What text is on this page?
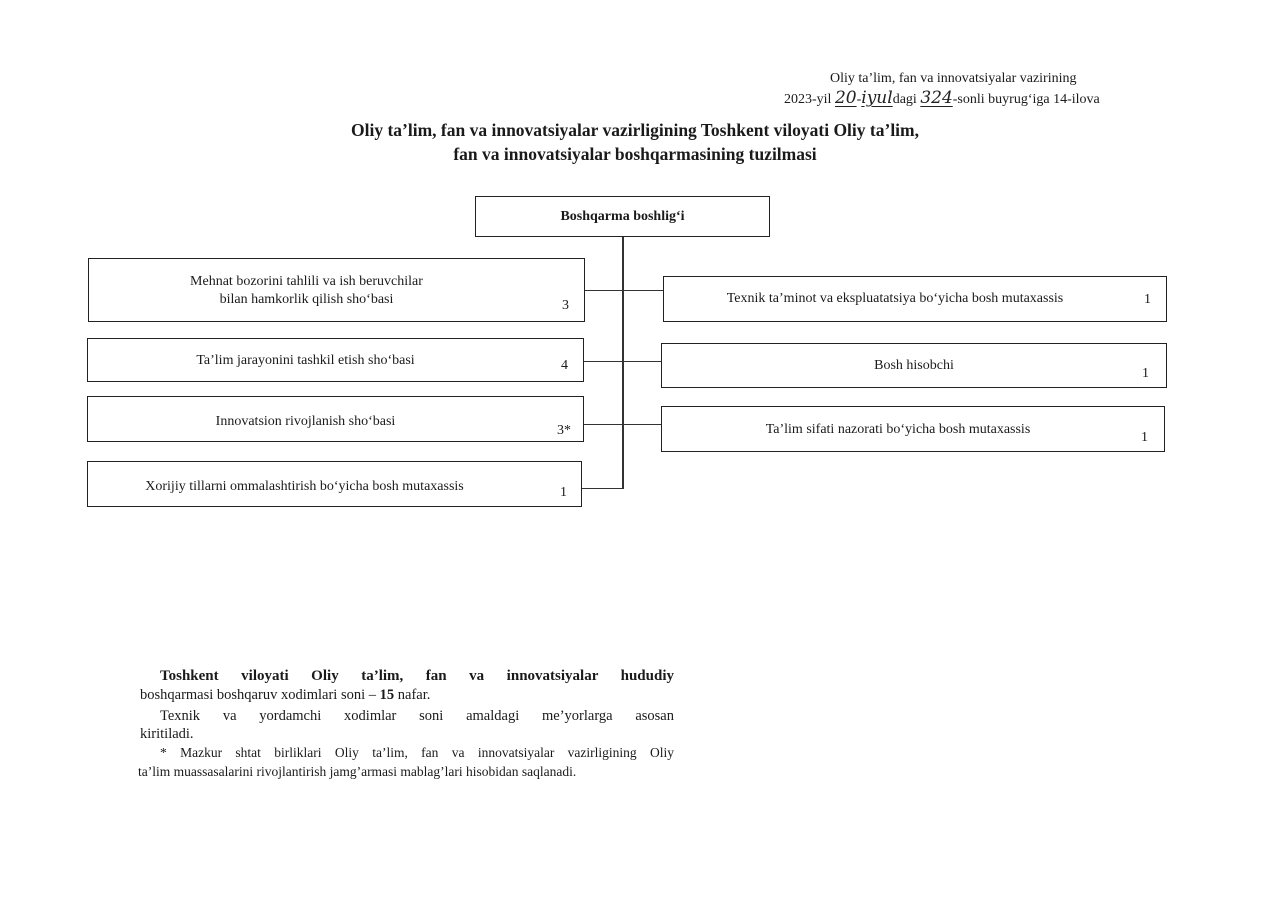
Oliy ta’lim, fan va innovatsiyalar vazirining
2023-yil 20-iyuldagi 324-sonli buyrug‘iga 14-ilova
Oliy ta’lim, fan va innovatsiyalar vazirligining Toshkent viloyati Oliy ta’lim,
fan va innovatsiyalar boshqarmasining tuzilmasi
Boshqarma boshlig‘i
Mehnat bozorini tahlili va ish beruvchilar
bilan hamkorlik qilish sho‘basi	3
Ta’lim jarayonini tashkil etish sho‘basi	4
Innovatsion rivojlanish sho‘basi
3*
Xorijiy tillarni ommalashtirish bo‘yicha bosh mutaxassis	1
Texnik ta’minot va ekspluatatsiya bo‘yicha bosh mutaxassis	1
Bosh hisobchi
1
Ta’lim sifati nazorati bo‘yicha bosh mutaxassis
1
Toshkent viloyati Oliy ta’lim, fan va innovatsiyalar hududiy
boshqarmasi boshqaruv xodimlari soni – 15 nafar.
Texnik va yordamchi xodimlar soni amaldagi me’yorlarga asosan
kiritiladi.
* Mazkur shtat birliklari Oliy ta’lim, fan va innovatsiyalar vazirligining Oliy
ta’lim muassasalarini rivojlantirish jamg’armasi mablag’lari hisobidan saqlanadi.
